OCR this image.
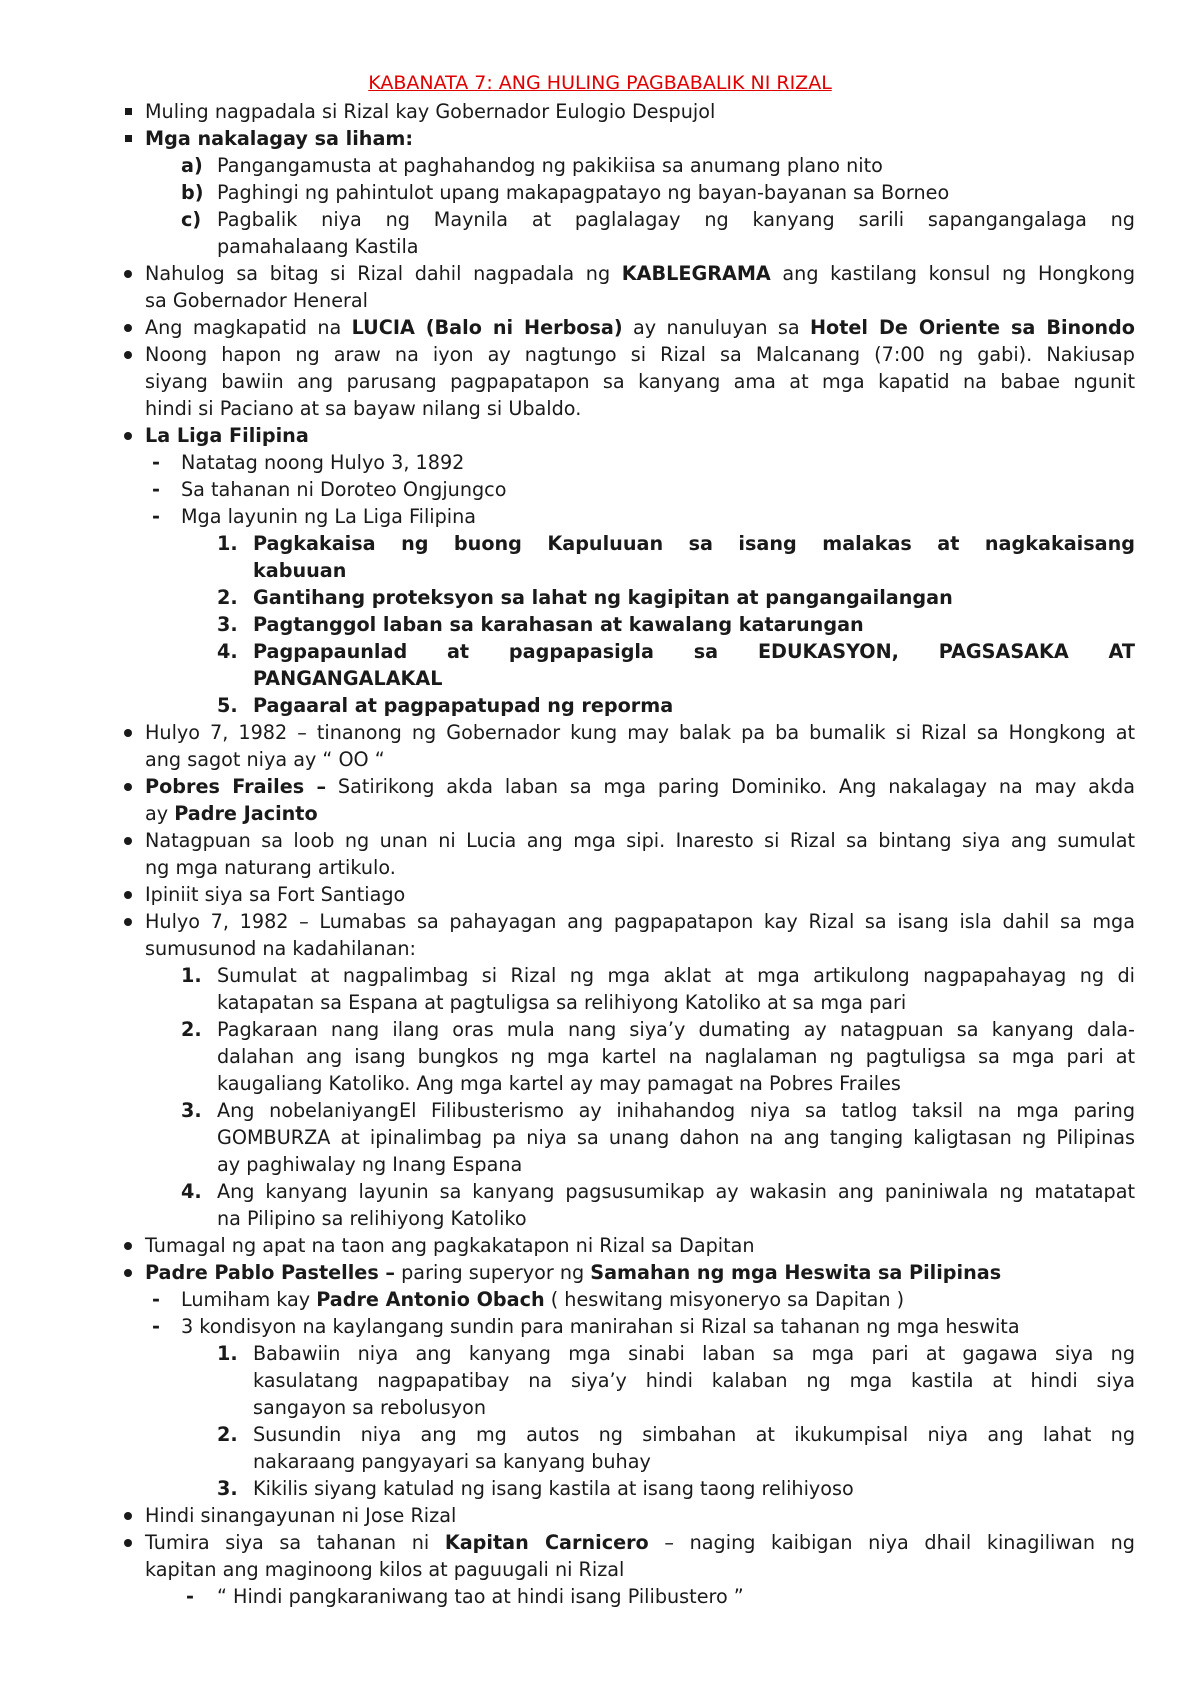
KABANATA 7: ANG HULING PAGBABALIK NI RIZAL
Muling nagpadala si Rizal kay Gobernador Eulogio Despujol
Mga nakalagay sa liham:
a) Pangangamusta at paghahandog ng pakikiisa sa anumang plano nito
b) Paghingi ng pahintulot upang makapagpatayo ng bayan-bayanan sa Borneo
c) Pagbalik niya ng Maynila at paglalagay ng kanyang sarili sapangangalaga ng
pamahalaang Kastila
Nahulog sa bitag si Rizal dahil nagpadala ng KABLEGRAMA ang kastilang konsul ng Hongkong
sa Gobernador Heneral
Ang magkapatid na LUCIA (Balo ni Herbosa) ay nanuluyan sa Hotel De Oriente sa Binondo
Noong hapon ng araw na iyon ay nagtungo si Rizal sa Malcanang (7:00 ng gabi). Nakiusap
siyang bawiin ang parusang pagpapatapon sa kanyang ama at mga kapatid na babae ngunit
hindi si Paciano at sa bayaw nilang si Ubaldo.
La Liga Filipina
- Natatag noong Hulyo 3, 1892
- Sa tahanan ni Doroteo Ongjungco
- Mga layunin ng La Liga Filipina
1. Pagkakaisa ng buong Kapuluuan sa isang malakas at nagkakaisang
kabuuan
2. Gantihang proteksyon sa lahat ng kagipitan at pangangailangan
3. Pagtanggol laban sa karahasan at kawalang katarungan
4. Pagpapaunlad at pagpapasigla sa EDUKASYON, PAGSASAKA AT
PANGANGALAKAL
5. Pagaaral at pagpapatupad ng reporma
Hulyo 7, 1982 – tinanong ng Gobernador kung may balak pa ba bumalik si Rizal sa Hongkong at
ang sagot niya ay “ OO “
Pobres Frailes – Satirikong akda laban sa mga paring Dominiko. Ang nakalagay na may akda
ay Padre Jacinto
Natagpuan sa loob ng unan ni Lucia ang mga sipi. Inaresto si Rizal sa bintang siya ang sumulat
ng mga naturang artikulo.
Ipiniit siya sa Fort Santiago
Hulyo 7, 1982 – Lumabas sa pahayagan ang pagpapatapon kay Rizal sa isang isla dahil sa mga
sumusunod na kadahilanan:
1. Sumulat at nagpalimbag si Rizal ng mga aklat at mga artikulong nagpapahayag ng di
katapatan sa Espana at pagtuligsa sa relihiyong Katoliko at sa mga pari
2. Pagkaraan nang ilang oras mula nang siya’y dumating ay natagpuan sa kanyang dala-
dalahan ang isang bungkos ng mga kartel na naglalaman ng pagtuligsa sa mga pari at
kaugaliang Katoliko. Ang mga kartel ay may pamagat na Pobres Frailes
3. Ang nobelaniyangEl Filibusterismo ay inihahandog niya sa tatlog taksil na mga paring
GOMBURZA at ipinalimbag pa niya sa unang dahon na ang tanging kaligtasan ng Pilipinas
ay paghiwalay ng Inang Espana
4. Ang kanyang layunin sa kanyang pagsusumikap ay wakasin ang paniniwala ng matatapat
na Pilipino sa relihiyong Katoliko
Tumagal ng apat na taon ang pagkakatapon ni Rizal sa Dapitan
Padre Pablo Pastelles – paring superyor ng Samahan ng mga Heswita sa Pilipinas
- Lumiham kay Padre Antonio Obach ( heswitang misyoneryo sa Dapitan )
- 3 kondisyon na kaylangang sundin para manirahan si Rizal sa tahanan ng mga heswita
1. Babawiin niya ang kanyang mga sinabi laban sa mga pari at gagawa siya ng
kasulatang nagpapatibay na siya’y hindi kalaban ng mga kastila at hindi siya
sangayon sa rebolusyon
2. Susundin niya ang mg autos ng simbahan at ikukumpisal niya ang lahat ng
nakaraang pangyayari sa kanyang buhay
3. Kikilis siyang katulad ng isang kastila at isang taong relihiyoso
Hindi sinangayunan ni Jose Rizal
Tumira siya sa tahanan ni Kapitan Carnicero – naging kaibigan niya dhail kinagiliwan ng
kapitan ang maginoong kilos at paguugali ni Rizal
- “ Hindi pangkaraniwang tao at hindi isang Pilibustero ”
